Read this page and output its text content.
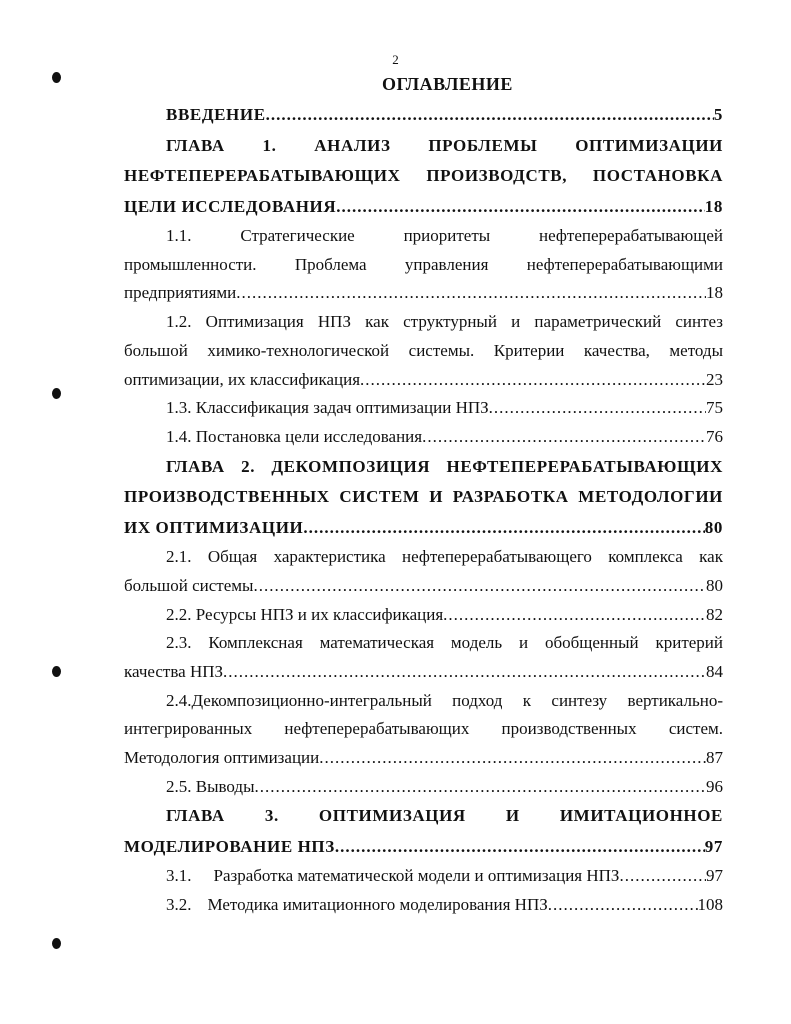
2
ОГЛАВЛЕНИЕ
ВВЕДЕНИЕ .....	5
ГЛАВА 1. АНАЛИЗ ПРОБЛЕМЫ ОПТИМИЗАЦИИ
НЕФТЕПЕРЕРАБАТЫВАЮЩИХ ПРОИЗВОДСТВ, ПОСТАНОВКА
ЦЕЛИ ИССЛЕДОВАНИЯ .....	18
1.1. Стратегические приоритеты нефтеперерабатывающей
промышленности. Проблема управления нефтеперерабатывающими
предприятиями .....	18
1.2. Оптимизация НПЗ как структурный и параметрический синтез
большой химико-технологической системы. Критерии качества, методы
оптимизации, их классификация .....	23
1.3. Классификация задач оптимизации НПЗ .....	75
1.4. Постановка цели исследования .....	76
ГЛАВА 2. ДЕКОМПОЗИЦИЯ НЕФТЕПЕРЕРАБАТЫВАЮЩИХ
ПРОИЗВОДСТВЕННЫХ СИСТЕМ И РАЗРАБОТКА МЕТОДОЛОГИИ
ИХ ОПТИМИЗАЦИИ .....	80
2.1. Общая характеристика нефтеперерабатывающего комплекса как
большой системы .....	80
2.2. Ресурсы НПЗ и их классификация .....	82
2.3. Комплексная математическая модель и обобщенный критерий
качества НПЗ .....	84
2.4.Декомпозиционно-интегральный подход к синтезу вертикально-
интегрированных нефтеперерабатывающих производственных систем.
Методология оптимизации .....	87
2.5. Выводы .....	96
ГЛАВА 3. ОПТИМИЗАЦИЯ И ИМИТАЦИОННОЕ
МОДЕЛИРОВАНИЕ НПЗ .....	97
3.1.	Разработка математической модели и оптимизация НПЗ .....	97
3.2. Методика имитационного моделирования НПЗ .....	108
